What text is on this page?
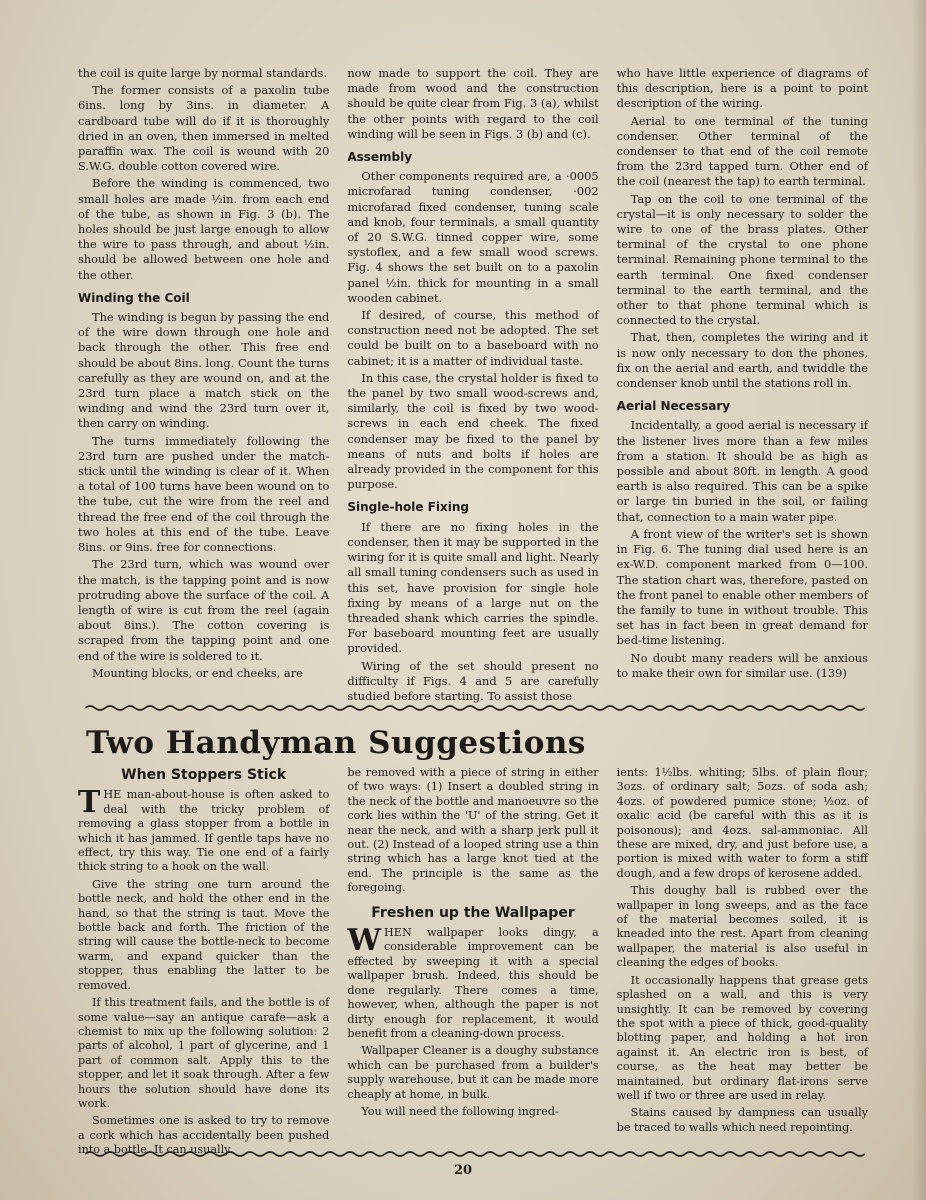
the coil is quite large by normal standards.

The former consists of a paxolin tube 6ins. long by 3ins. in diameter. A cardboard tube will do if it is thoroughly dried in an oven, then immersed in melted paraffin wax. The coil is wound with 20 S.W.G. double cotton covered wire.

Before the winding is commenced, two small holes are made ½in. from each end of the tube, as shown in Fig. 3 (b). The holes should be just large enough to allow the wire to pass through, and about ½in. should be allowed between one hole and the other.

Winding the Coil

The winding is begun by passing the end of the wire down through one hole and back through the other. This free end should be about 8ins. long. Count the turns carefully as they are wound on, and at the 23rd turn place a match stick on the winding and wind the 23rd turn over it, then carry on winding.

The turns immediately following the 23rd turn are pushed under the match-stick until the winding is clear of it. When a total of 100 turns have been wound on to the tube, cut the wire from the reel and thread the free end of the coil through the two holes at this end of the tube. Leave 8ins. or 9ins. free for connections.

The 23rd turn, which was wound over the match, is the tapping point and is now protruding above the surface of the coil. A length of wire is cut from the reel (again about 8ins.). The cotton covering is scraped from the tapping point and one end of the wire is soldered to it.

Mounting blocks, or end cheeks, are

now made to support the coil. They are made from wood and the construction should be quite clear from Fig. 3 (a), whilst the other points with regard to the coil winding will be seen in Figs. 3 (b) and (c).

Assembly

Other components required are, a ·0005 microfarad tuning condenser, ·002 microfarad fixed condenser, tuning scale and knob, four terminals, a small quantity of 20 S.W.G. tinned copper wire, some systoflex, and a few small wood screws. Fig. 4 shows the set built on to a paxolin panel ½in. thick for mounting in a small wooden cabinet.

If desired, of course, this method of construction need not be adopted. The set could be built on to a baseboard with no cabinet; it is a matter of individual taste.

In this case, the crystal holder is fixed to the panel by two small wood-screws and, similarly, the coil is fixed by two wood-screws in each end cheek. The fixed condenser may be fixed to the panel by means of nuts and bolts if holes are already provided in the component for this purpose.

Single-hole Fixing

If there are no fixing holes in the condenser, then it may be supported in the wiring for it is quite small and light. Nearly all small tuning condensers such as used in this set, have provision for single hole fixing by means of a large nut on the threaded shank which carries the spindle. For baseboard mounting feet are usually provided.

Wiring of the set should present no difficulty if Figs. 4 and 5 are carefully studied before starting. To assist those

who have little experience of diagrams of this description, here is a point to point description of the wiring.

Aerial to one terminal of the tuning condenser. Other terminal of the condenser to that end of the coil remote from the 23rd tapped turn. Other end of the coil (nearest the tap) to earth terminal.

Tap on the coil to one terminal of the crystal—it is only necessary to solder the wire to one of the brass plates. Other terminal of the crystal to one phone terminal. Remaining phone terminal to the earth terminal. One fixed condenser terminal to the earth terminal, and the other to that phone terminal which is connected to the crystal.

That, then, completes the wiring and it is now only necessary to don the phones, fix on the aerial and earth, and twiddle the condenser knob until the stations roll in.

Aerial Necessary

Incidentally, a good aerial is necessary if the listener lives more than a few miles from a station. It should be as high as possible and about 80ft. in length. A good earth is also required. This can be a spike or large tin buried in the soil, or failing that, connection to a main water pipe.

A front view of the writer's set is shown in Fig. 6. The tuning dial used here is an ex-W.D. component marked from 0—100. The station chart was, therefore, pasted on the front panel to enable other members of the family to tune in without trouble. This set has in fact been in great demand for bed-time listening.

No doubt many readers will be anxious to make their own for similar use. (139)

Two Handyman Suggestions
When Stoppers Stick

THE man-about-house is often asked to deal with the tricky problem of removing a glass stopper from a bottle in which it has jammed. If gentle taps have no effect, try this way. Tie one end of a fairly thick string to a hook on the wall.

Give the string one turn around the bottle neck, and hold the other end in the hand, so that the string is taut. Move the bottle back and forth. The friction of the string will cause the bottle-neck to become warm, and expand quicker than the stopper, thus enabling the latter to be removed.

If this treatment fails, and the bottle is of some value—say an antique carafe—ask a chemist to mix up the following solution: 2 parts of alcohol, 1 part of glycerine, and 1 part of common salt. Apply this to the stopper, and let it soak through. After a few hours the solution should have done its work.

Sometimes one is asked to try to remove a cork which has accidentally been pushed into a bottle. It can usually

be removed with a piece of string in either of two ways: (1) Insert a doubled string in the neck of the bottle and manoeuvre so the cork lies within the 'U' of the string. Get it near the neck, and with a sharp jerk pull it out. (2) Instead of a looped string use a thin string which has a large knot tied at the end. The principle is the same as the foregoing.

Freshen up the Wallpaper

WHEN wallpaper looks dingy, a considerable improvement can be effected by sweeping it with a special wallpaper brush. Indeed, this should be done regularly. There comes a time, however, when, although the paper is not dirty enough for replacement, it would benefit from a cleaning-down process.

Wallpaper Cleaner is a doughy substance which can be purchased from a builder's supply warehouse, but it can be made more cheaply at home, in bulk.

You will need the following ingred-

ients: 1½lbs. whiting; 5lbs. of plain flour; 3ozs. of ordinary salt; 5ozs. of soda ash; 4ozs. of powdered pumice stone; ½oz. of oxalic acid (be careful with this as it is poisonous); and 4ozs. sal-ammoniac. All these are mixed, dry, and just before use, a portion is mixed with water to form a stiff dough, and a few drops of kerosene added.

This doughy ball is rubbed over the wallpaper in long sweeps, and as the face of the material becomes soiled, it is kneaded into the rest. Apart from cleaning wallpaper, the material is also useful in cleaning the edges of books.

It occasionally happens that grease gets splashed on a wall, and this is very unsightly. It can be removed by covering the spot with a piece of thick, good-quality blotting paper, and holding a hot iron against it. An electric iron is best, of course, as the heat may better be maintained, but ordinary flat-irons serve well if two or three are used in relay.

Stains caused by dampness can usually be traced to walls which need repointing.

20
